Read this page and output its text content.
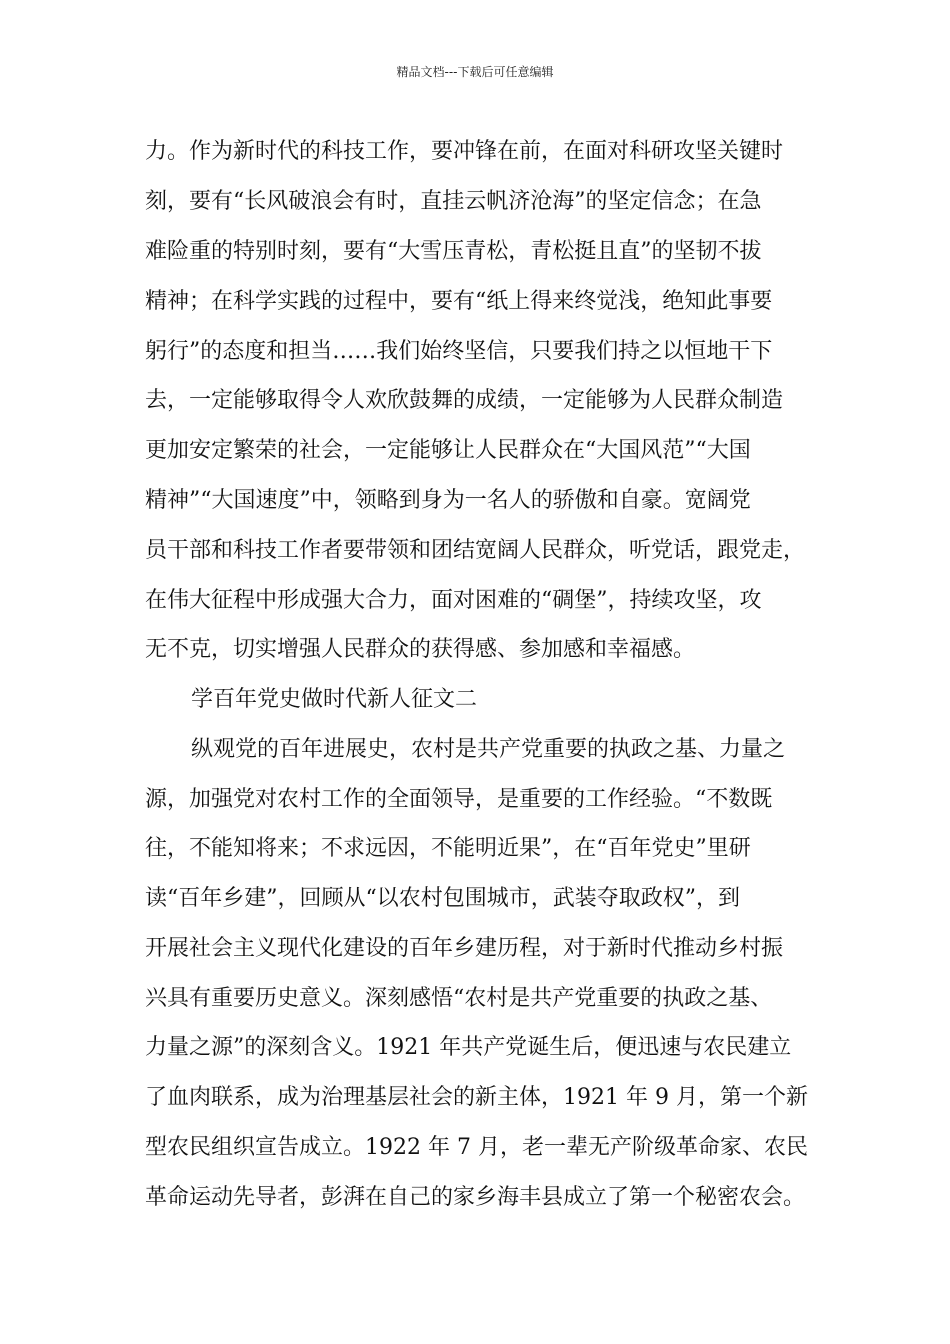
精品文档---下载后可任意编辑
力。作为新时代的科技工作，要冲锋在前，在面对科研攻坚关键时
刻，要有“长风破浪会有时，直挂云帆济沧海”的坚定信念；在急
难险重的特别时刻，要有“大雪压青松，青松挺且直”的坚韧不拔
精神；在科学实践的过程中，要有“纸上得来终觉浅，绝知此事要
躬行”的态度和担当……我们始终坚信，只要我们持之以恒地干下
去，一定能够取得令人欢欣鼓舞的成绩，一定能够为人民群众制造
更加安定繁荣的社会，一定能够让人民群众在“大国风范”“大国
精神”“大国速度”中，领略到身为一名人的骄傲和自豪。宽阔党
员干部和科技工作者要带领和团结宽阔人民群众，听党话，跟党走，
在伟大征程中形成强大合力，面对困难的“碉堡”，持续攻坚，攻
无不克，切实增强人民群众的获得感、参加感和幸福感。
学百年党史做时代新人征文二
纵观党的百年进展史，农村是共产党重要的执政之基、力量之
源，加强党对农村工作的全面领导，是重要的工作经验。“不数既
往，不能知将来；不求远因，不能明近果”，在“百年党史”里研
读“百年乡建”，回顾从“以农村包围城市，武装夺取政权”，到
开展社会主义现代化建设的百年乡建历程，对于新时代推动乡村振
兴具有重要历史意义。深刻感悟“农村是共产党重要的执政之基、
力量之源”的深刻含义。1921 年共产党诞生后，便迅速与农民建立
了血肉联系，成为治理基层社会的新主体，1921 年 9 月，第一个新
型农民组织宣告成立。1922 年 7 月，老一辈无产阶级革命家、农民
革命运动先导者，彭湃在自己的家乡海丰县成立了第一个秘密农会。
